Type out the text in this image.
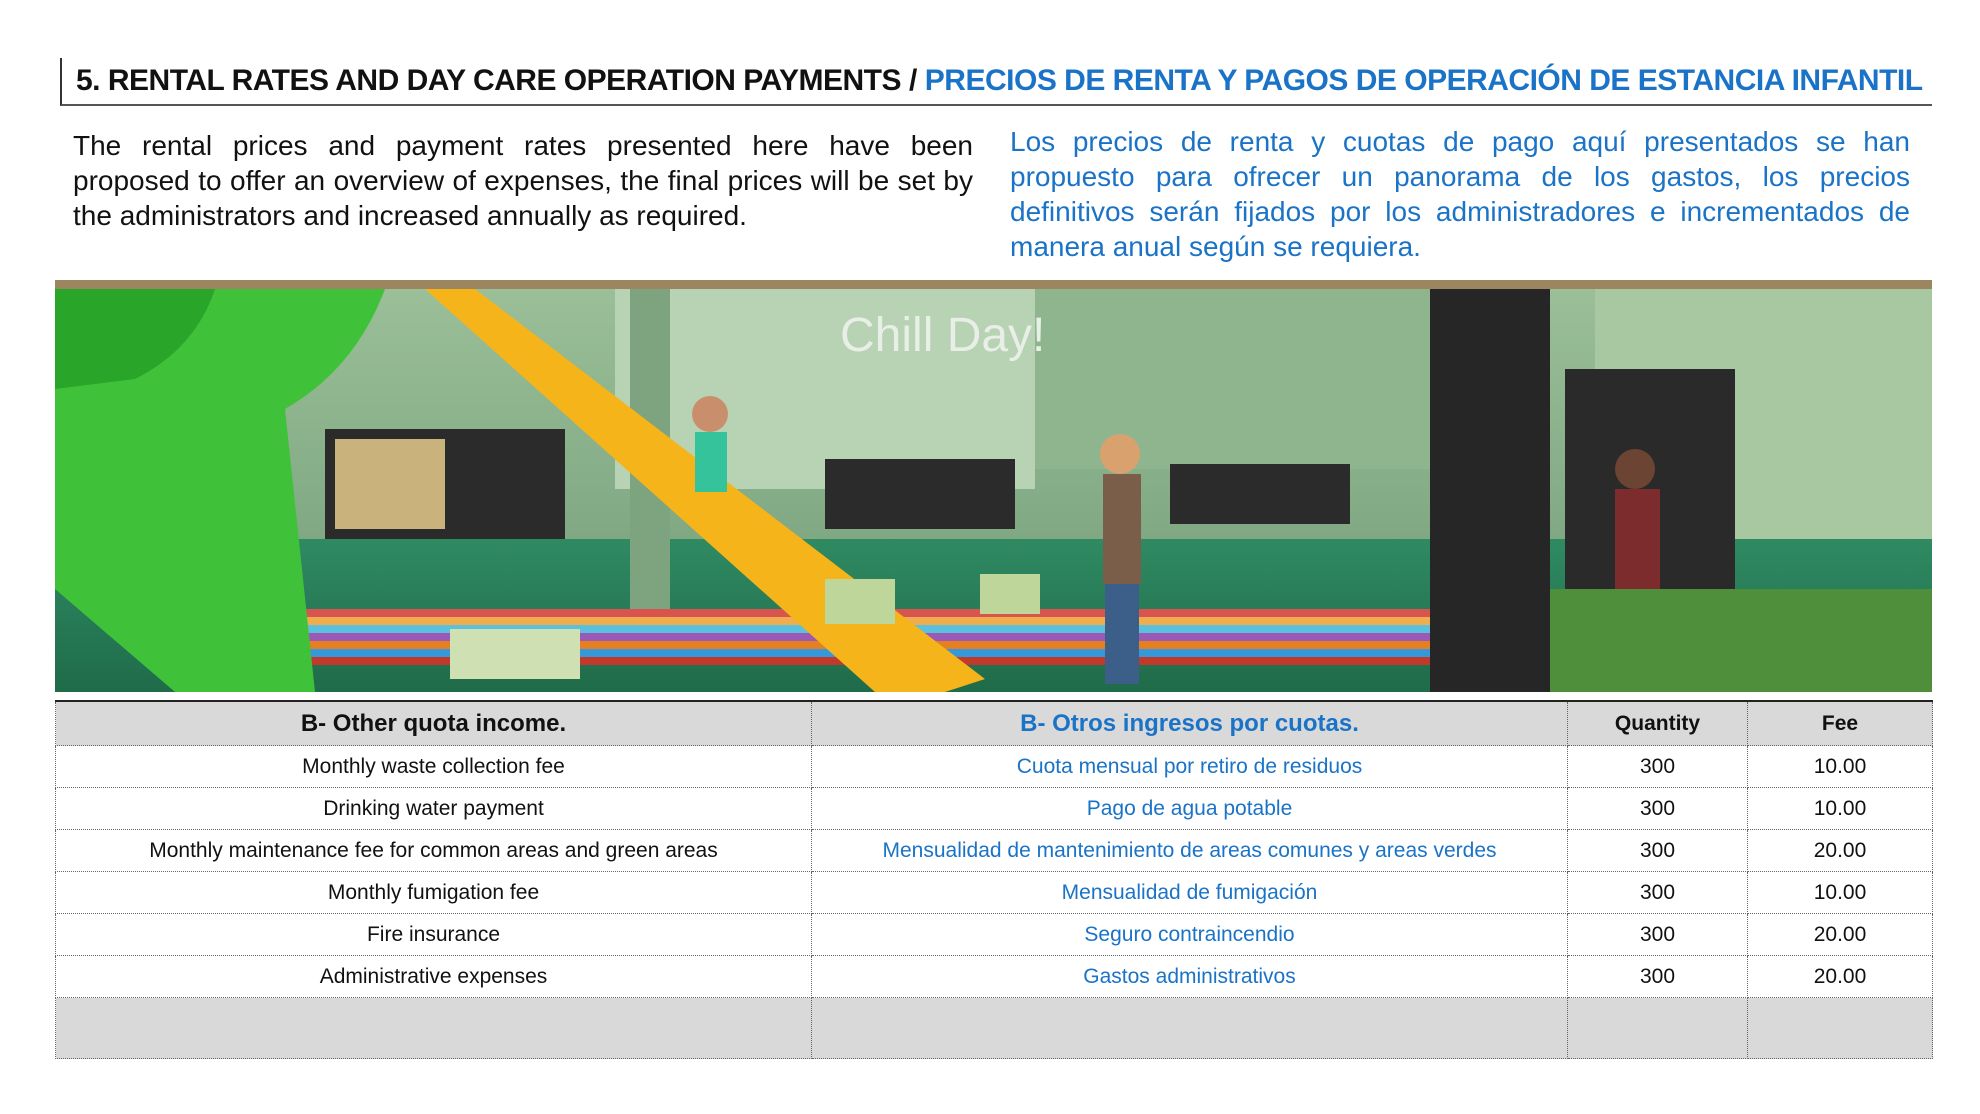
5. RENTAL RATES AND DAY CARE OPERATION PAYMENTS / PRECIOS DE RENTA Y PAGOS DE OPERACIÓN DE ESTANCIA INFANTIL
The rental prices and payment rates presented here have been proposed to offer an overview of expenses, the final prices will be set by the administrators and increased annually as required.
Los precios de renta y cuotas de pago aquí presentados se han propuesto para ofrecer un panorama de los gastos, los precios definitivos serán fijados por los administradores e incrementados de manera anual según se requiera.
Chill Day!
B- Other quota income.	B- Otros ingresos por cuotas.	Quantity	Fee
Monthly waste collection fee	Cuota mensual por retiro de residuos	300	10.00
Drinking water payment	Pago de agua potable	300	10.00
Monthly maintenance fee for common areas and green areas	Mensualidad de mantenimiento de areas comunes y areas verdes	300	20.00
Monthly fumigation fee	Mensualidad de fumigación	300	10.00
Fire insurance	Seguro contraincendio	300	20.00
Administrative expenses	Gastos administrativos	300	20.00
